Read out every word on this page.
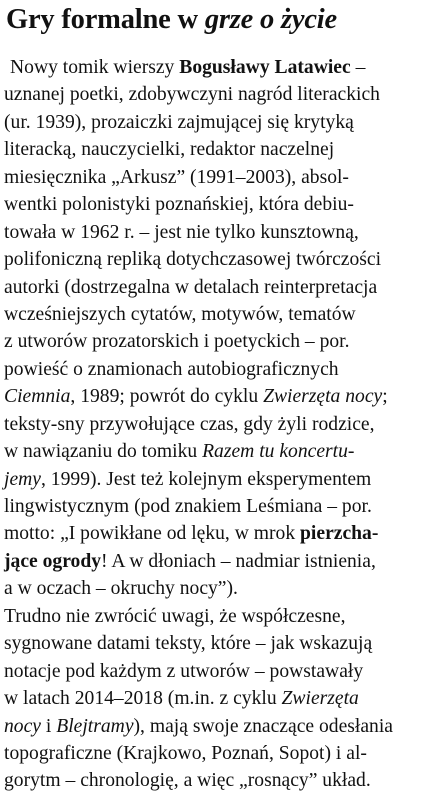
Gry formalne w grze o życie
Nowy tomik wierszy Bogusławy Latawiec –
uznanej poetki, zdobywczyni nagród literackich
(ur. 1939), prozaiczki zajmującej się krytyką
literacką, nauczycielki, redaktor naczelnej
miesięcznika „Arkusz” (1991–2003), absol-
wentki polonistyki poznańskiej, która debiu-
towała w 1962 r. – jest nie tylko kunsztowną,
polifoniczną repliką dotychczasowej twórczości
autorki (dostrzegalna w detalach reinterpretacja
wcześniejszych cytatów, motywów, tematów
z utworów prozatorskich i poetyckich – por.
powieść o znamionach autobiograficznych
Ciemnia, 1989; powrót do cyklu Zwierzęta nocy;
teksty-sny przywołujące czas, gdy żyli rodzice,
w nawiązaniu do tomiku Razem tu koncertu-
jemy, 1999). Jest też kolejnym eksperymentem
lingwistycznym (pod znakiem Leśmiana – por.
motto: „I powikłane od lęku, w mrok pierzcha-
jące ogrody! A w dłoniach – nadmiar istnienia,
a w oczach – okruchy nocy”).
Trudno nie zwrócić uwagi, że współczesne,
sygnowane datami teksty, które – jak wskazują
notacje pod każdym z utworów – powstawały
w latach 2014–2018 (m.in. z cyklu Zwierzęta
nocy i Blejtramy), mają swoje znaczące odesłania
topograficzne (Krajkowo, Poznań, Sopot) i al-
gorytm – chronologię, a więc „rosnący” układ.
